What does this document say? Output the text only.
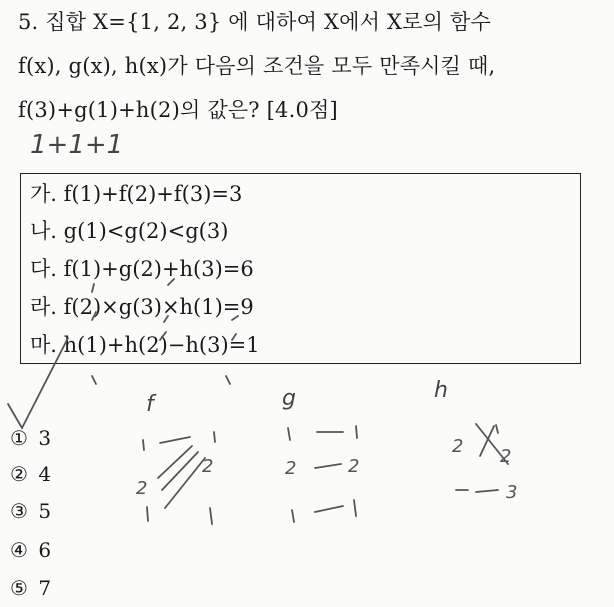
5. 집합 X={1, 2, 3} 에 대하여 X에서 X로의 함수
f(x), g(x), h(x)가 다음의 조건을 모두 만족시킬 때,
f(3)+g(1)+h(2)의 값은? [4.0점]
가. f(1)+f(2)+f(3)=3
나. g(1)<g(2)<g(3)
다. f(1)+g(2)+h(3)=6
라. f(2)×g(3)×h(1)=9
마. h(1)+h(2)−h(3)=1
① 3
② 4
③ 5
④ 6
⑤ 7
1+1+1
f	g	h
2
2	2	2
2 2
3
